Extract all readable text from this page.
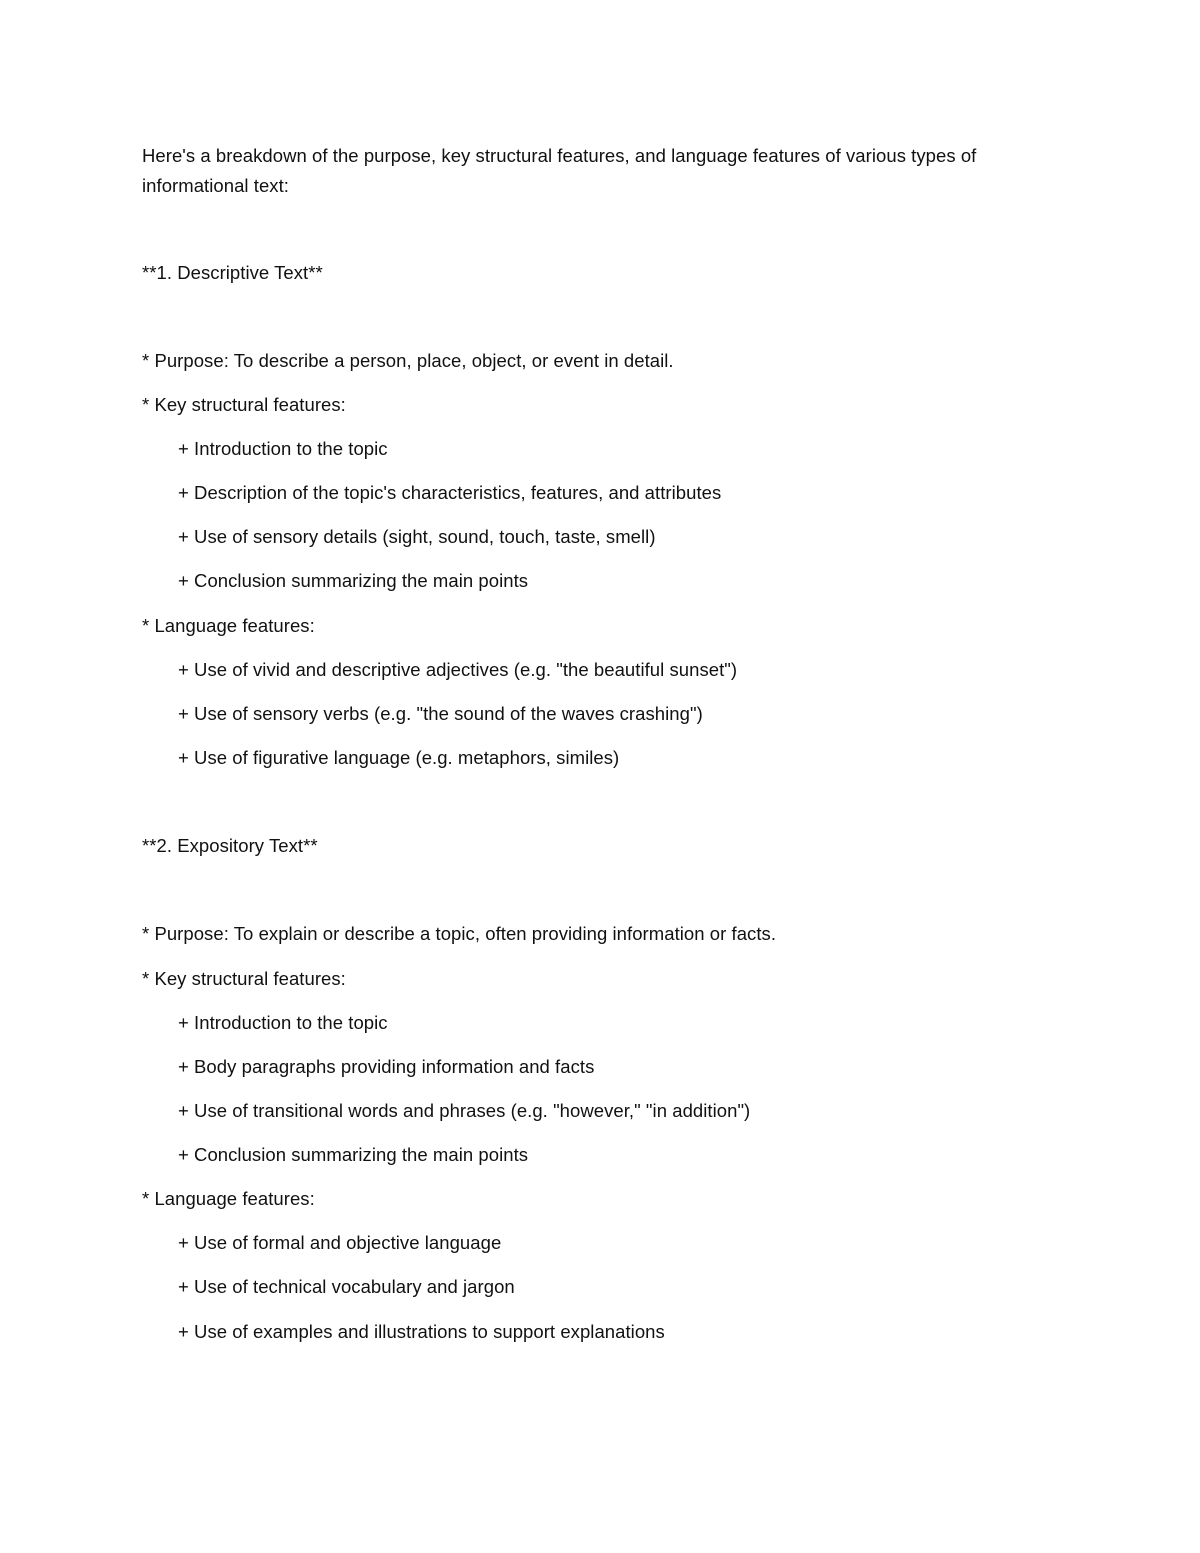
Here's a breakdown of the purpose, key structural features, and language features of various types of
informational text:
**1. Descriptive Text**
* Purpose: To describe a person, place, object, or event in detail.
* Key structural features:
+ Introduction to the topic
+ Description of the topic's characteristics, features, and attributes
+ Use of sensory details (sight, sound, touch, taste, smell)
+ Conclusion summarizing the main points
* Language features:
+ Use of vivid and descriptive adjectives (e.g. "the beautiful sunset")
+ Use of sensory verbs (e.g. "the sound of the waves crashing")
+ Use of figurative language (e.g. metaphors, similes)
**2. Expository Text**
* Purpose: To explain or describe a topic, often providing information or facts.
* Key structural features:
+ Introduction to the topic
+ Body paragraphs providing information and facts
+ Use of transitional words and phrases (e.g. "however," "in addition")
+ Conclusion summarizing the main points
* Language features:
+ Use of formal and objective language
+ Use of technical vocabulary and jargon
+ Use of examples and illustrations to support explanations
